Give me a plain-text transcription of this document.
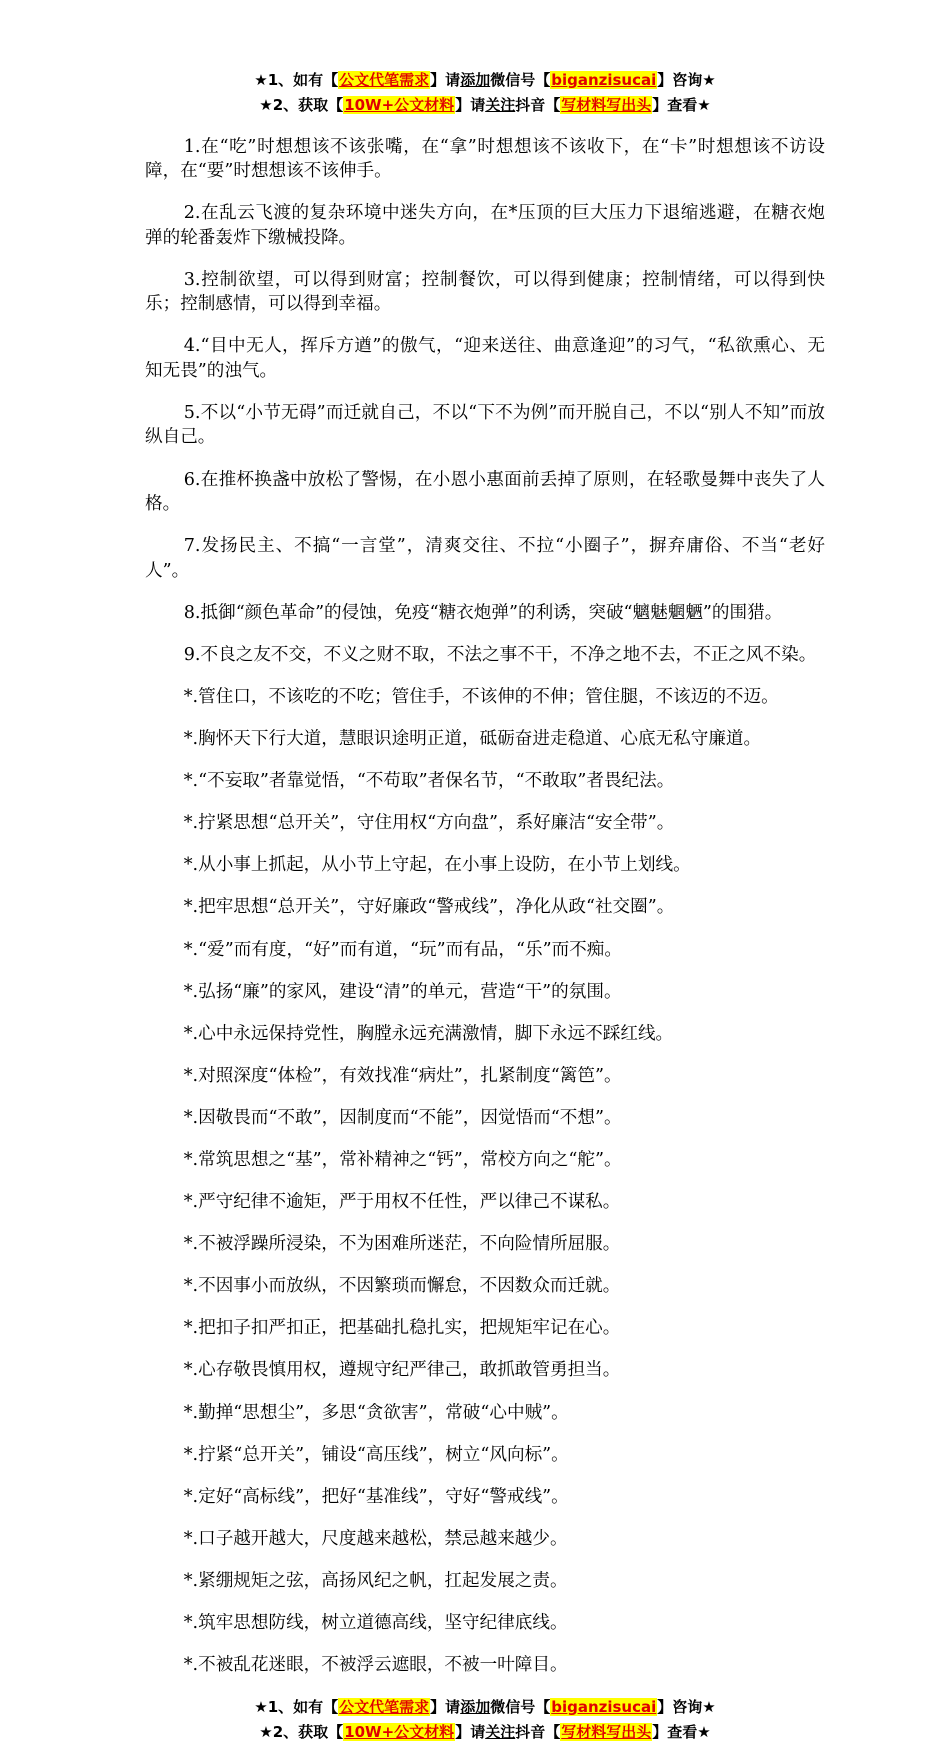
★1、如有【公文代笔需求】请添加微信号【biganzisucai】咨询★
★2、获取【10W+公文材料】请关注抖音【写材料写出头】查看★

1.在“吃”时想想该不该张嘴，在“拿”时想想该不该收下，在“卡”时想想该不访设障，在“要”时想想该不该伸手。

2.在乱云飞渡的复杂环境中迷失方向，在*压顶的巨大压力下退缩逃避，在糖衣炮弹的轮番轰炸下缴械投降。

3.控制欲望，可以得到财富；控制餐饮，可以得到健康；控制情绪，可以得到快乐；控制感情，可以得到幸福。

4.“目中无人，挥斥方遒”的傲气，“迎来送往、曲意逢迎”的习气，“私欲熏心、无知无畏”的浊气。

5.不以“小节无碍”而迁就自己，不以“下不为例”而开脱自己，不以“别人不知”而放纵自己。

6.在推杯换盏中放松了警惕，在小恩小惠面前丢掉了原则，在轻歌曼舞中丧失了人格。

7.发扬民主、不搞“一言堂”，清爽交往、不拉“小圈子”，摒弃庸俗、不当“老好人”。

8.抵御“颜色革命”的侵蚀，免疫“糖衣炮弹”的利诱，突破“魑魅魍魉”的围猎。

9.不良之友不交，不义之财不取，不法之事不干，不净之地不去，不正之风不染。

*.管住口，不该吃的不吃；管住手，不该伸的不伸；管住腿，不该迈的不迈。

*.胸怀天下行大道，慧眼识途明正道，砥砺奋进走稳道、心底无私守廉道。

*.“不妄取”者靠觉悟，“不苟取”者保名节，“不敢取”者畏纪法。

*.拧紧思想“总开关”，守住用权“方向盘”，系好廉洁“安全带”。

*.从小事上抓起，从小节上守起，在小事上设防，在小节上划线。

*.把牢思想“总开关”，守好廉政“警戒线”，净化从政“社交圈”。

*.“爱”而有度，“好”而有道，“玩”而有品，“乐”而不痴。

*.弘扬“廉”的家风，建设“清”的单元，营造“干”的氛围。

*.心中永远保持党性，胸膛永远充满激情，脚下永远不踩红线。

*.对照深度“体检”，有效找准“病灶”，扎紧制度“篱笆”。

*.因敬畏而“不敢”，因制度而“不能”，因觉悟而“不想”。

*.常筑思想之“基”，常补精神之“钙”，常校方向之“舵”。

*.严守纪律不逾矩，严于用权不任性，严以律己不谋私。

*.不被浮躁所浸染，不为困难所迷茫，不向险情所屈服。

*.不因事小而放纵，不因繁琐而懈怠，不因数众而迁就。

*.把扣子扣严扣正，把基础扎稳扎实，把规矩牢记在心。

*.心存敬畏慎用权，遵规守纪严律己，敢抓敢管勇担当。

*.勤掸“思想尘”，多思“贪欲害”，常破“心中贼”。

*.拧紧“总开关”，铺设“高压线”，树立“风向标”。

*.定好“高标线”，把好“基准线”，守好“警戒线”。

*.口子越开越大，尺度越来越松，禁忌越来越少。

*.紧绷规矩之弦，高扬风纪之帆，扛起发展之责。

*.筑牢思想防线，树立道德高线，坚守纪律底线。

*.不被乱花迷眼，不被浮云遮眼，不被一叶障目。

★1、如有【公文代笔需求】请添加微信号【biganzisucai】咨询★
★2、获取【10W+公文材料】请关注抖音【写材料写出头】查看★
